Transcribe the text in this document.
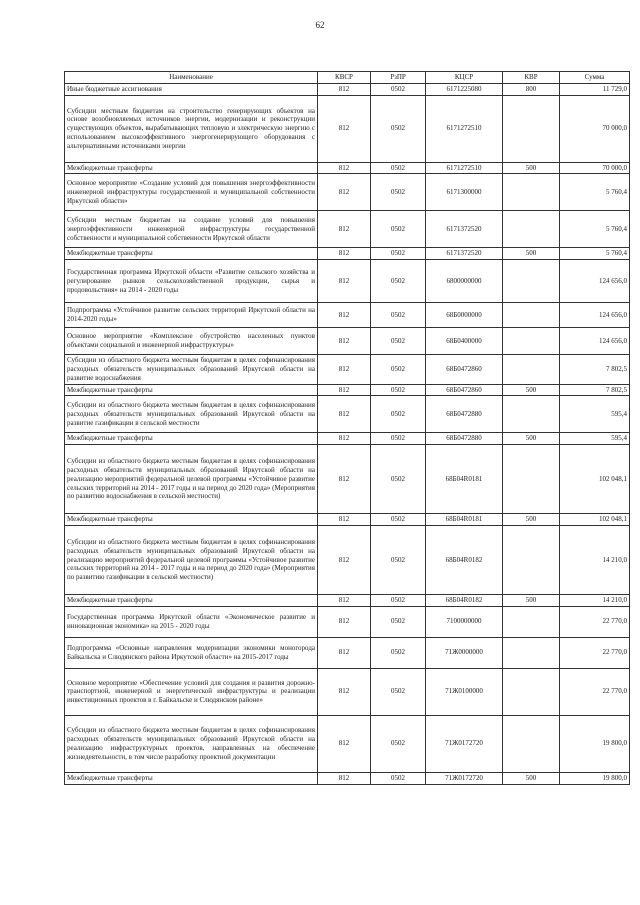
62
Наименование	КВСР	РзПР	КЦСР	КВР	Сумма
Иные бюджетные ассигнования	812	0502	6171225080	800	11 729,0
Субсидии местным бюджетам на строительство генерирующих объектов на основе возобновляемых источников энергии, модернизации и реконструкции существующих объектов, вырабатывающих тепловую и электрическую энергию с использованием высокоэффективного энергогенерирующего оборудования с альтернативными источниками энергии	812	0502	6171272510		70 000,0
Межбюджетные трансферты	812	0502	6171272510	500	70 000,0
Основное мероприятие «Создание условий для повышения энергоэффективности инженерной инфраструктуры государственной и муниципальной собственности Иркутской области»	812	0502	6171300000		5 760,4
Субсидии местным бюджетам на создание условий для повышения энергоэффективности инженерной инфраструктуры государственной собственности и муниципальной собственности Иркутской области	812	0502	6171372520		5 760,4
Межбюджетные трансферты	812	0502	6171372520	500	5 760,4
Государственная программа Иркутской области «Развитие сельского хозяйства и регулирование рынков сельскохозяйственной продукции, сырья и продовольствия» на 2014 - 2020 годы	812	0502	6800000000		124 656,0
Подпрограмма «Устойчивое развитие сельских территорий Иркутской области на 2014-2020 годы»	812	0502	68Б0000000		124 656,0
Основное мероприятие «Комплексное обустройство населенных пунктов объектами социальной и инженерной инфраструктуры»	812	0502	68Б0400000		124 656,0
Субсидии из областного бюджета местным бюджетам в целях софинансирования расходных обязательств муниципальных образований Иркутской области на развитие водоснабжения	812	0502	68Б0472860		7 802,5
Межбюджетные трансферты	812	0502	68Б0472860	500	7 802,5
Субсидии из областного бюджета местным бюджетам в целях софинансирования расходных обязательств муниципальных образований Иркутской области на развитие газификации в сельской местности	812	0502	68Б0472880		595,4
Межбюджетные трансферты	812	0502	68Б0472880	500	595,4
Субсидии из областного бюджета местным бюджетам в целях софинансирования расходных обязательств муниципальных образований Иркутской области на реализацию мероприятий федеральной целевой программы «Устойчивое развитие сельских территорий на 2014 - 2017 годы и на период до 2020 года» (Мероприятия по развитию водоснабжения в сельской местности)	812	0502	68Б04R0181		102 048,1
Межбюджетные трансферты	812	0502	68Б04R0181	500	102 048,1
Субсидии из областного бюджета местным бюджетам в целях софинансирования расходных обязательств муниципальных образований Иркутской области на реализацию мероприятий федеральной целевой программы «Устойчивое развитие сельских территорий на 2014 - 2017 годы и на период до 2020 года» (Мероприятия по развитию газификации в сельской местности)	812	0502	68Б04R0182		14 210,0
Межбюджетные трансферты	812	0502	68Б04R0182	500	14 210,0
Государственная программа Иркутской области «Экономическое развитие и инновационная экономика» на 2015 - 2020 годы	812	0502	7100000000		22 770,0
Подпрограмма «Основные направления модернизации экономики моногорода Байкальска и Слюдянского района Иркутской области» на 2015-2017 годы	812	0502	71Ж0000000		22 770,0
Основное мероприятие «Обеспечение условий для создания и развития дорожно-транспортной, инженерной и энергетической инфраструктуры и реализации инвестиционных проектов в г. Байкальске и Слюдянском районе»	812	0502	71Ж0100000		22 770,0
Субсидии из областного бюджета местным бюджетам в целях софинансирования расходных обязательств муниципальных образований Иркутской области на реализацию инфраструктурных проектов, направленных на обеспечение жизнедеятельности, в том числе разработку проектной документации	812	0502	71Ж0172720		19 800,0
Межбюджетные трансферты	812	0502	71Ж0172720	500	19 800,0
